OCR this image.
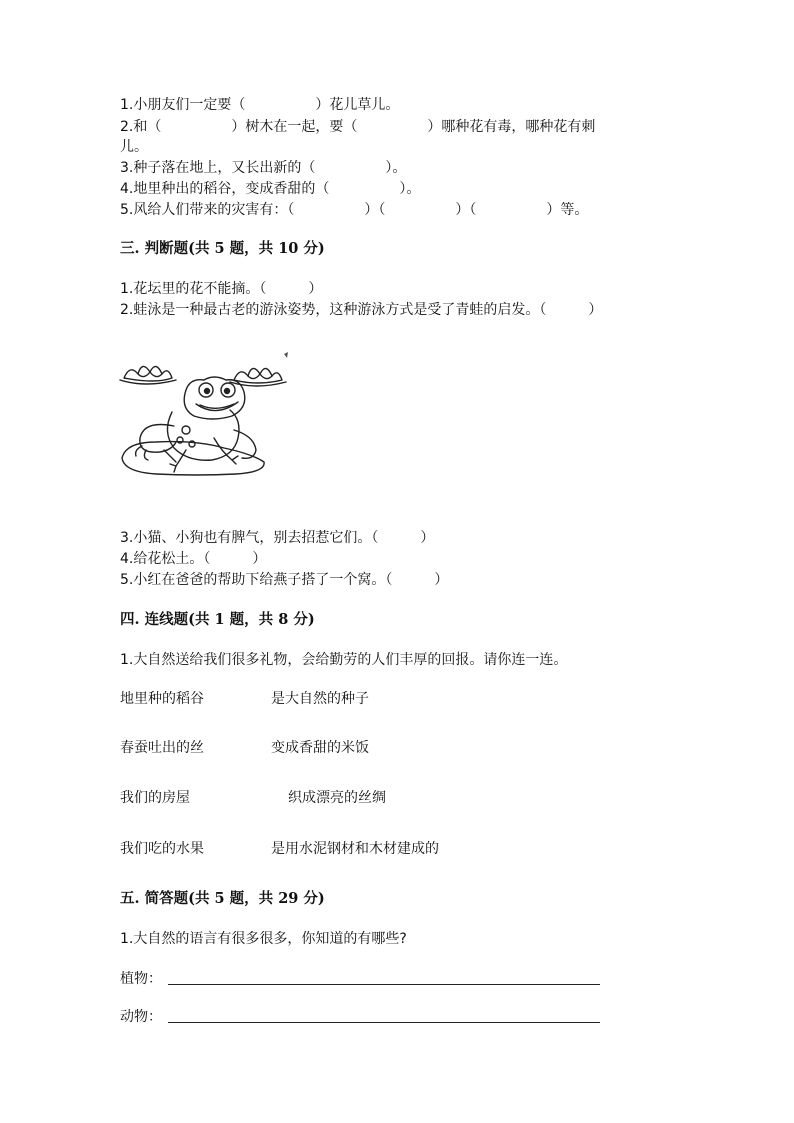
1.小朋友们一定要（　　　　　）花儿草儿。
2.和（　　　　　）树木在一起，要（　　　　　）哪种花有毒，哪种花有刺
儿。
3.种子落在地上，又长出新的（　　　　　）。
4.地里种出的稻谷，变成香甜的（　　　　　）。
5.风给人们带来的灾害有：（　　　　　）（　　　　　）（　　　　　）等。
三. 判断题(共 5 题，共 10 分)
1.花坛里的花不能摘。（　　　）
2.蛙泳是一种最古老的游泳姿势，这种游泳方式是受了青蛙的启发。（　　　）
3.小猫、小狗也有脾气，别去招惹它们。（　　　）
4.给花松土。（　　　）
5.小红在爸爸的帮助下给燕子搭了一个窝。（　　　）
四. 连线题(共 1 题，共 8 分)
1.大自然送给我们很多礼物，会给勤劳的人们丰厚的回报。请你连一连。
地里种的稻谷	是大自然的种子
春蚕吐出的丝	变成香甜的米饭
我们的房屋	织成漂亮的丝绸
我们吃的水果	是用水泥钢材和木材建成的
五. 简答题(共 5 题，共 29 分)
1.大自然的语言有很多很多，你知道的有哪些?
植物：
动物：
